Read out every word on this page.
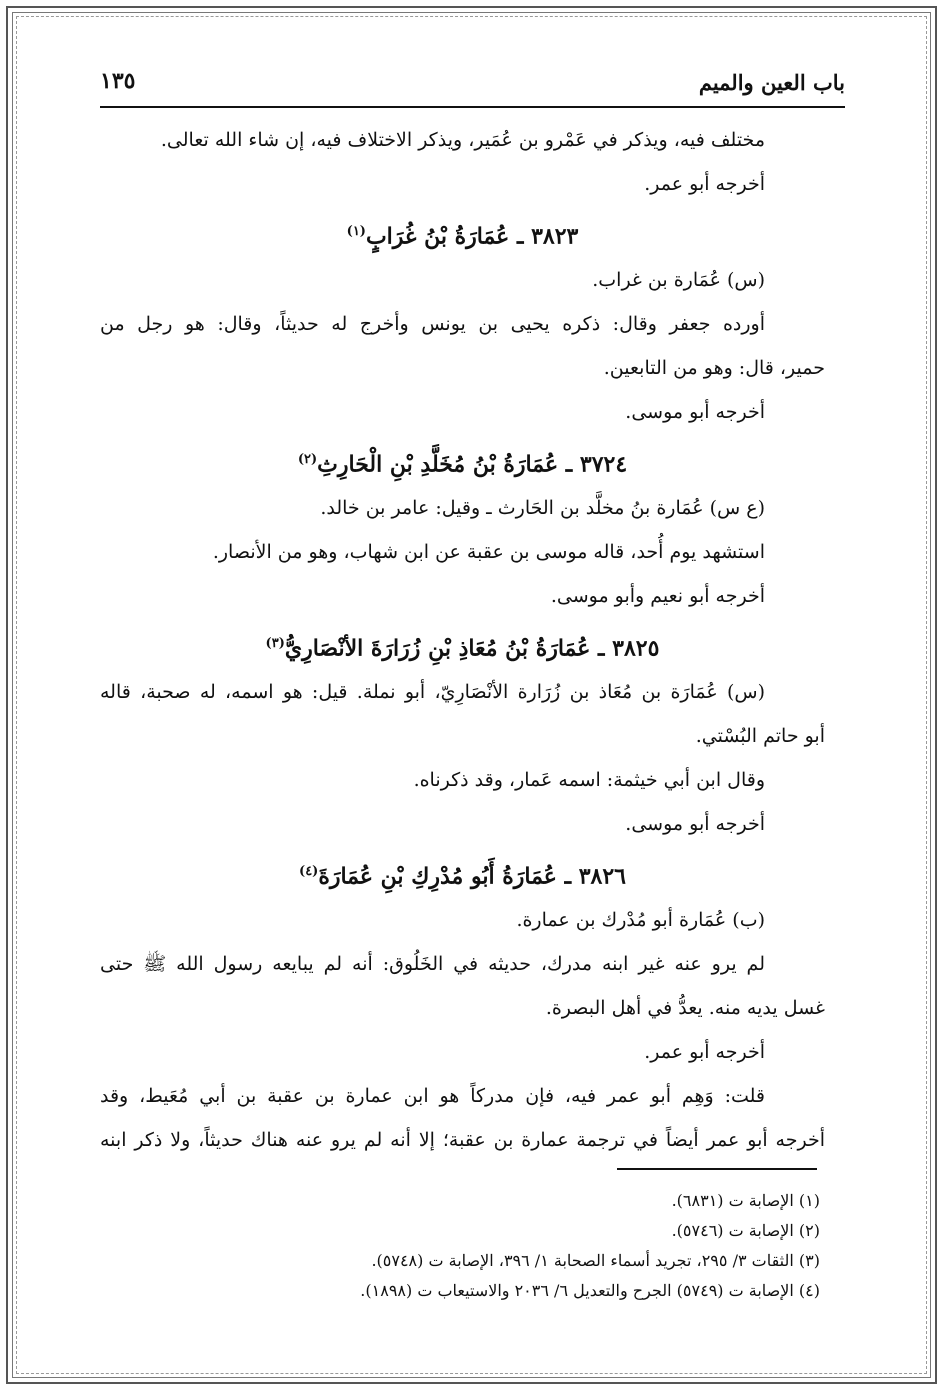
باب العين والميم
١٣٥
مختلف فيه، ويذكر في عَمْرو بن عُمَير، ويذكر الاختلاف فيه، إن شاء الله تعالى.
أخرجه أبو عمر.
٣٨٢٣ ـ عُمَارَةُ بْنُ غُرَابٍ$^{(١)}$
(س) عُمَارة بن غراب.
أورده جعفر وقال: ذكره يحيى بن يونس وأخرج له حديثاً، وقال: هو رجل من
حمير، قال: وهو من التابعين.
أخرجه أبو موسى.
٣٧٢٤ ـ عُمَارَةُ بْنُ مُخَلَّدِ بْنِ الْحَارِثِ$^{(٢)}$
(ع س) عُمَارة بنُ مخلَّد بن الحَارث ـ وقيل: عامر بن خالد.
استشهد يوم أُحد، قاله موسى بن عقبة عن ابن شهاب، وهو من الأنصار.
أخرجه أبو نعيم وأبو موسى.
٣٨٢٥ ـ عُمَارَةُ بْنُ مُعَاذِ بْنِ زُرَارَةَ الأنْصَارِيُّ$^{(٣)}$
(س) عُمَارَة بن مُعَاذ بن زُرَارة الأنْصَارِيّ، أبو نملة. قيل: هو اسمه، له صحبة، قاله
أبو حاتم البُسْتي.
وقال ابن أبي خيثمة: اسمه عَمار، وقد ذكرناه.
أخرجه أبو موسى.
٣٨٢٦ ـ عُمَارَةُ أَبُو مُدْرِكِ بْنِ عُمَارَةَ$^{(٤)}$
(ب) عُمَارة أبو مُدْرك بن عمارة.
لم يرو عنه غير ابنه مدرك، حديثه في الخَلُوق: أنه لم يبايعه رسول الله ﷺ حتى
غسل يديه منه. يعدُّ في أهل البصرة.
أخرجه أبو عمر.
قلت: وَهِم أبو عمر فيه، فإن مدركاً هو ابن عمارة بن عقبة بن أبي مُعَيط، وقد
أخرجه أبو عمر أيضاً في ترجمة عمارة بن عقبة؛ إلا أنه لم يرو عنه هناك حديثاً، ولا ذكر ابنه
(١) الإصابة ت (٦٨٣١).
(٢) الإصابة ت (٥٧٤٦).
(٣) الثقات ٣/ ٢٩٥، تجريد أسماء الصحابة ١/ ٣٩٦، الإصابة ت (٥٧٤٨).
(٤) الإصابة ت (٥٧٤٩) الجرح والتعديل ٦/ ٢٠٣٦ والاستيعاب ت (١٨٩٨).
